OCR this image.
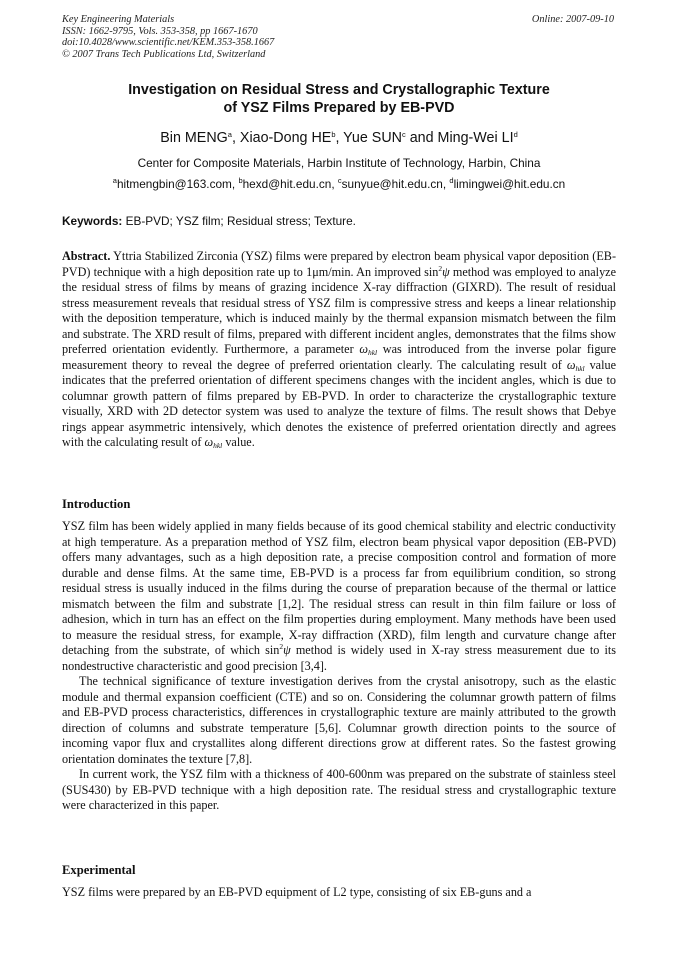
Key Engineering Materials
ISSN: 1662-9795, Vols. 353-358, pp 1667-1670
doi:10.4028/www.scientific.net/KEM.353-358.1667
© 2007 Trans Tech Publications Ltd, Switzerland
Online: 2007-09-10
Investigation on Residual Stress and Crystallographic Texture
of YSZ Films Prepared by EB-PVD
Bin MENG$^a$, Xiao-Dong $HE^b$, Yue SUN$^c$ and Ming-Wei $LI^d$
Center for Composite Materials, Harbin Institute of Technology, Harbin, China
$^a$hitmengbin@163.com, $^b$hexd@hit.edu.cn, $^c$sunyue@hit.edu.cn, $^d$limingwei@hit.edu.cn
Keywords: EB-PVD; YSZ film; Residual stress; Texture.

Abstract. Yttria Stabilized Zirconia (YSZ) films were prepared by electron beam physical vapor deposition (EB-PVD) technique with a high deposition rate up to 1μm/min. An improved $\sin^2\psi$ method was employed to analyze the residual stress of films by means of grazing incidence X-ray diffraction (GIXRD). The result of residual stress measurement reveals that residual stress of YSZ film is compressive stress and keeps a linear relationship with the deposition temperature, which is induced mainly by the thermal expansion mismatch between the film and substrate. The XRD result of films, prepared with different incident angles, demonstrates that the films show preferred orientation evidently. Furthermore, a parameter $\omega_{hkl}$ was introduced from the inverse polar figure measurement theory to reveal the degree of preferred orientation clearly. The calculating result of $\omega_{hkl}$ value indicates that the preferred orientation of different specimens changes with the incident angles, which is due to columnar growth pattern of films prepared by EB-PVD. In order to characterize the crystallographic texture visually, XRD with 2D detector system was used to analyze the texture of films. The result shows that Debye rings appear asymmetric intensively, which denotes the existence of preferred orientation directly and agrees with the calculating result of $\omega_{hkl}$ value.

Introduction

YSZ film has been widely applied in many fields because of its good chemical stability and electric conductivity at high temperature. As a preparation method of YSZ film, electron beam physical vapor deposition (EB-PVD) offers many advantages, such as a high deposition rate, a precise composition control and formation of more durable and dense films. At the same time, EB-PVD is a process far from equilibrium condition, so strong residual stress is usually induced in the films during the course of preparation because of the thermal or lattice mismatch between the film and substrate [1,2]. The residual stress can result in thin film failure or loss of adhesion, which in turn has an effect on the film properties during employment. Many methods have been used to measure the residual stress, for example, X-ray diffraction (XRD), film length and curvature change after detaching from the substrate, of which $\sin^2\psi$ method is widely used in X-ray stress measurement due to its nondestructive characteristic and good precision [3,4].

The technical significance of texture investigation derives from the crystal anisotropy, such as the elastic module and thermal expansion coefficient (CTE) and so on. Considering the columnar growth pattern of films and EB-PVD process characteristics, differences in crystallographic texture are mainly attributed to the growth direction of columns and substrate temperature [5,6]. Columnar growth direction points to the source of incoming vapor flux and crystallites along different directions grow at different rates. So the fastest growing orientation dominates the texture [7,8].

In current work, the YSZ film with a thickness of 400-600nm was prepared on the substrate of stainless steel (SUS430) by EB-PVD technique with a high deposition rate. The residual stress and crystallographic texture were characterized in this paper.

Experimental

YSZ films were prepared by an EB-PVD equipment of L2 type, consisting of six EB-guns and a
